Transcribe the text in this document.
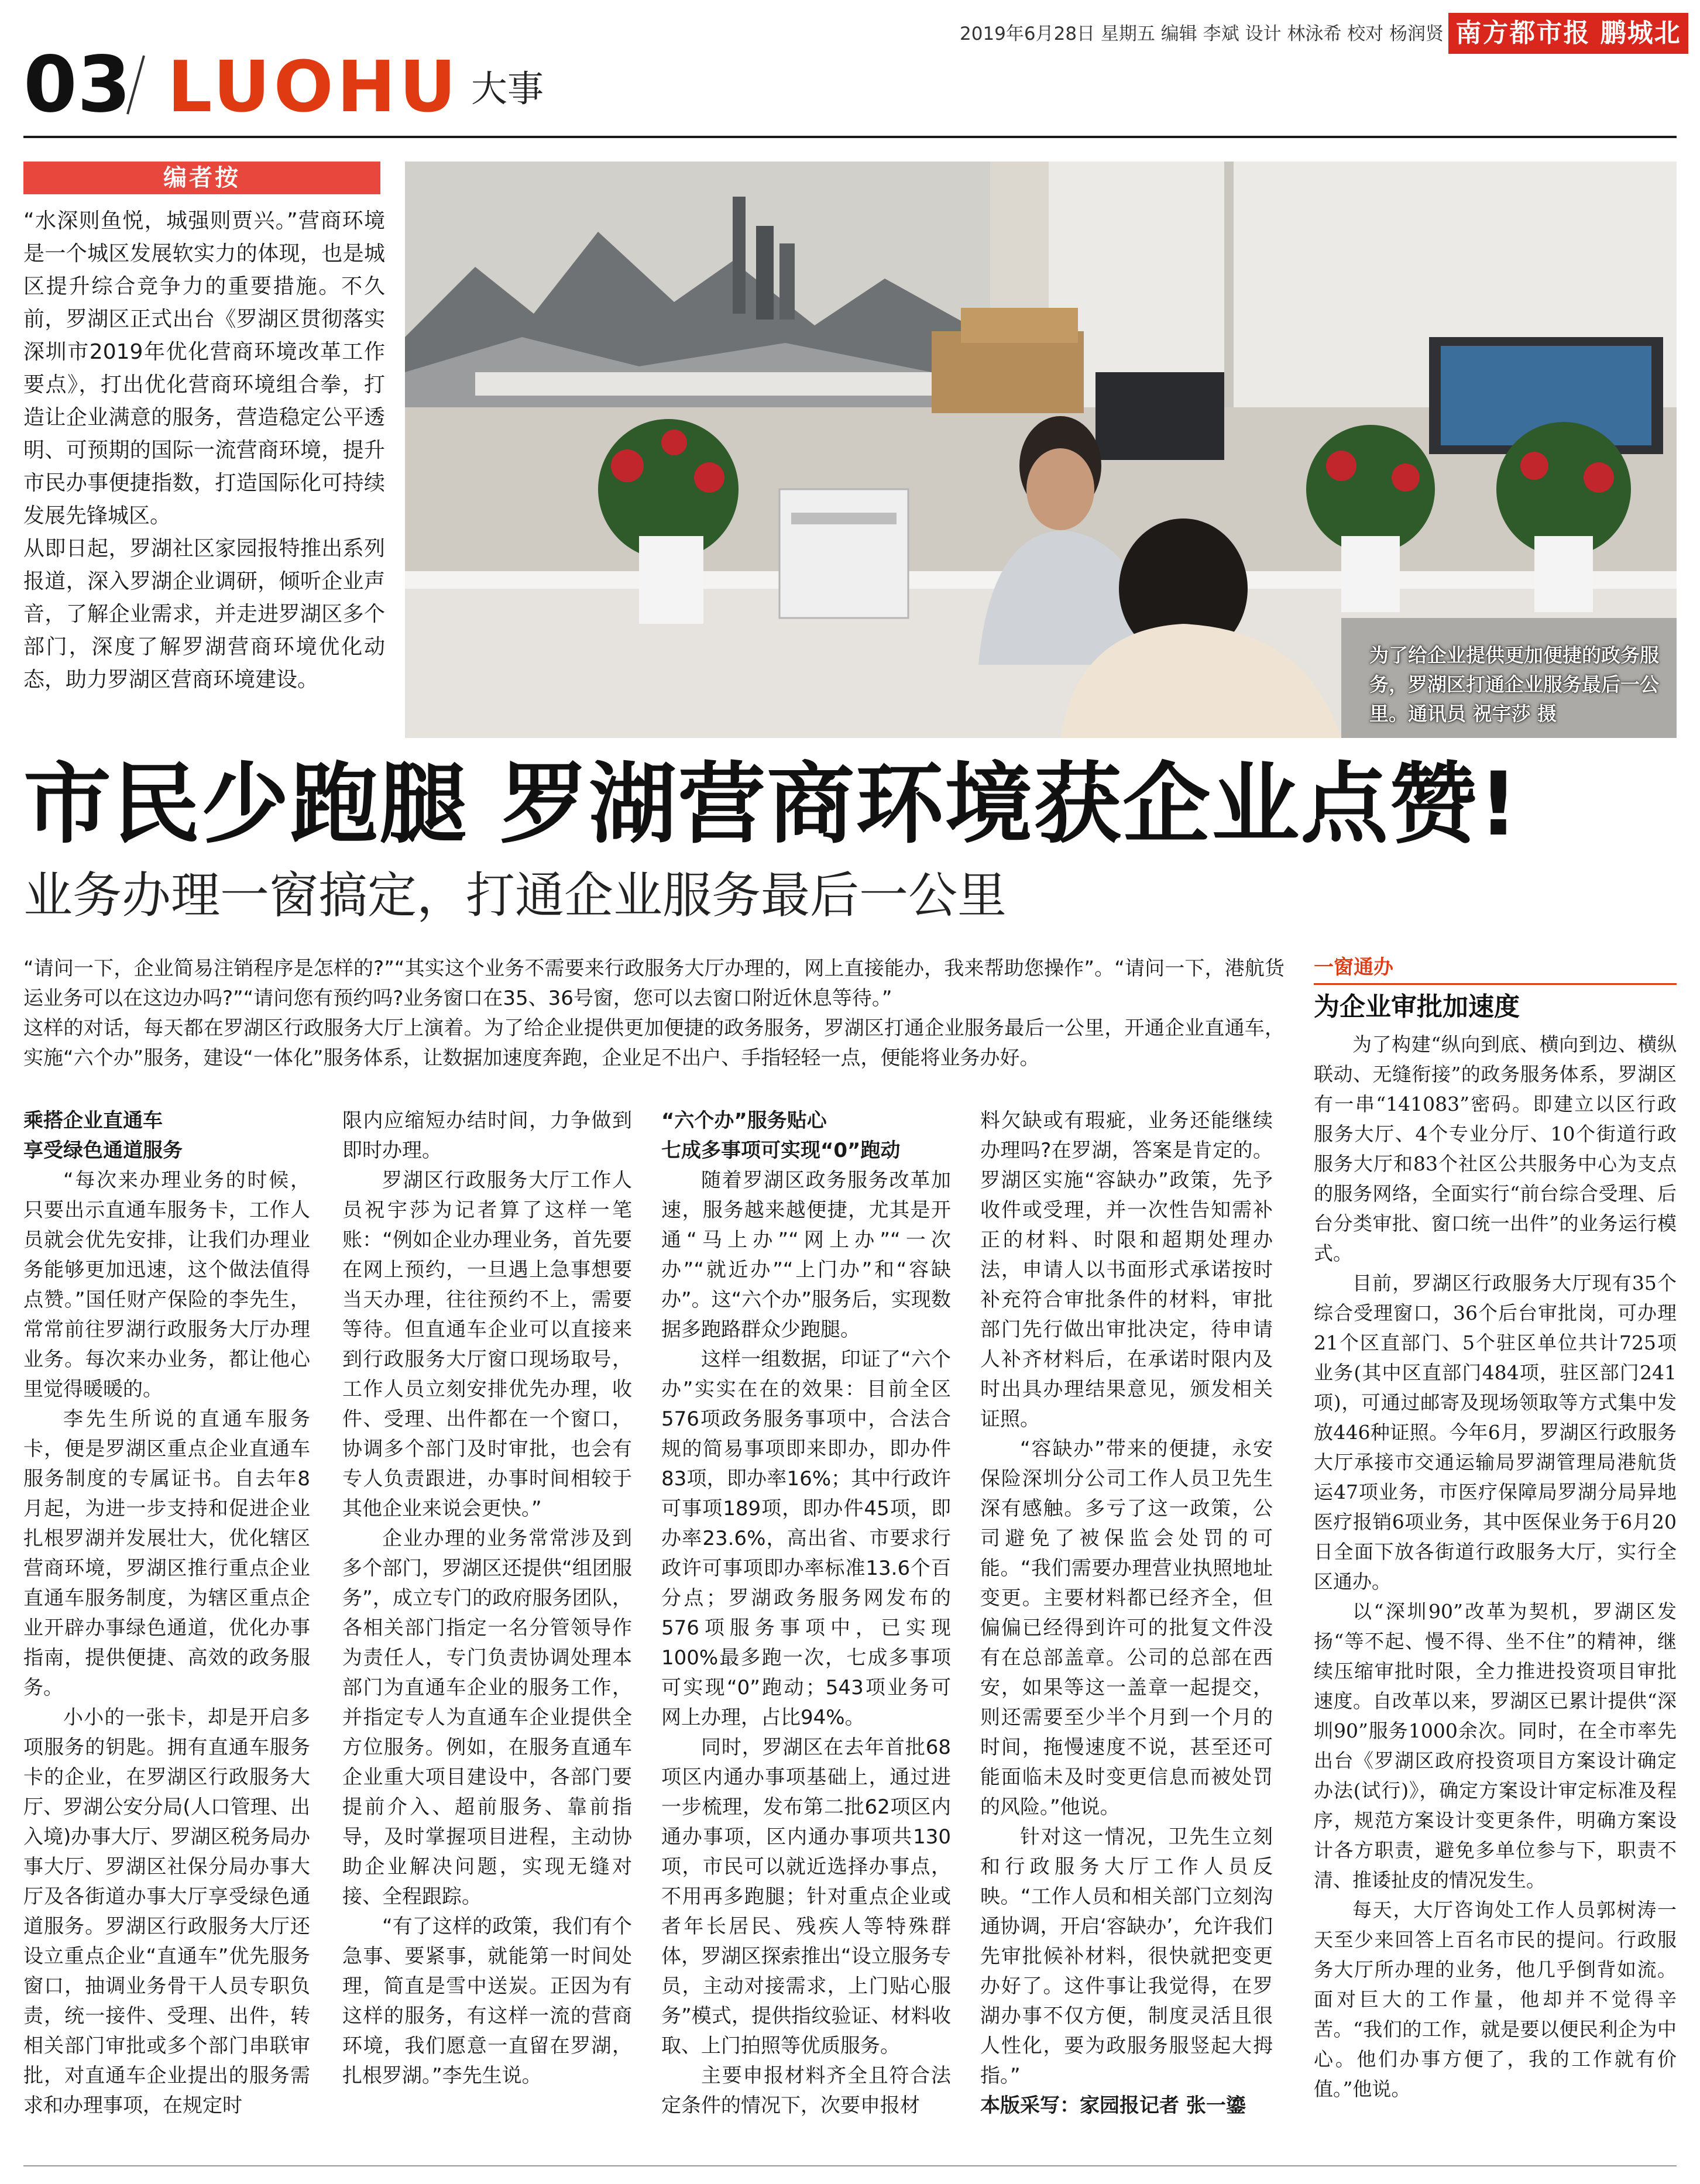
2019年6月28日 星期五 编辑 李斌 设计 林泳希 校对 杨润贤 南方都市报 鹏城北通
03 LUOHU 大事
编者按

“水深则鱼悦，城强则贾兴。”营商环境是一个城区发展软实力的体现，也是城区提升综合竞争力的重要措施。不久前，罗湖区正式出台《罗湖区贯彻落实深圳市2019年优化营商环境改革工作要点》，打出优化营商环境组合拳，打造让企业满意的服务，营造稳定公平透明、可预期的国际一流营商环境，提升市民办事便捷指数，打造国际化可持续发展先锋城区。

从即日起，罗湖社区家园报特推出系列报道，深入罗湖企业调研，倾听企业声音，了解企业需求，并走进罗湖区多个部门，深度了解罗湖营商环境优化动态，助力罗湖区营商环境建设。

为了给企业提供更加便捷的政务服务，罗湖区打通企业服务最后一公里。通讯员 祝宇莎 摄
市民少跑腿 罗湖营商环境获企业点赞!
业务办理一窗搞定，打通企业服务最后一公里

“请问一下，企业简易注销程序是怎样的?”“其实这个业务不需要来行政服务大厅办理的，网上直接能办，我来帮助您操作”。“请问一下，港航货运业务可以在这边办吗?”“请问您有预约吗?业务窗口在35、36号窗，您可以去窗口附近休息等待。”

这样的对话，每天都在罗湖区行政服务大厅上演着。为了给企业提供更加便捷的政务服务，罗湖区打通企业服务最后一公里，开通企业直通车，实施“六个办”服务，建设“一体化”服务体系，让数据加速度奔跑，企业足不出户、手指轻轻一点，便能将业务办好。

乘搭企业直通车
享受绿色通道服务

“每次来办理业务的时候，只要出示直通车服务卡，工作人员就会优先安排，让我们办理业务能够更加迅速，这个做法值得点赞。”国任财产保险的李先生，常常前往罗湖行政服务大厅办理业务。每次来办业务，都让他心里觉得暖暖的。

李先生所说的直通车服务卡，便是罗湖区重点企业直通车服务制度的专属证书。自去年8月起，为进一步支持和促进企业扎根罗湖并发展壮大，优化辖区营商环境，罗湖区推行重点企业直通车服务制度，为辖区重点企业开辟办事绿色通道，优化办事指南，提供便捷、高效的政务服务。

小小的一张卡，却是开启多项服务的钥匙。拥有直通车服务卡的企业，在罗湖区行政服务大厅、罗湖公安分局(人口管理、出入境)办事大厅、罗湖区税务局办事大厅、罗湖区社保分局办事大厅及各街道办事大厅享受绿色通道服务。罗湖区行政服务大厅还设立重点企业“直通车”优先服务窗口，抽调业务骨干人员专职负责，统一接件、受理、出件，转相关部门审批或多个部门串联审批，对直通车企业提出的服务需求和办理事项，在规定时

限内应缩短办结时间，力争做到即时办理。

罗湖区行政服务大厅工作人员祝宇莎为记者算了这样一笔账：“例如企业办理业务，首先要在网上预约，一旦遇上急事想要当天办理，往往预约不上，需要等待。但直通车企业可以直接来到行政服务大厅窗口现场取号，工作人员立刻安排优先办理，收件、受理、出件都在一个窗口，协调多个部门及时审批，也会有专人负责跟进，办事时间相较于其他企业来说会更快。”

企业办理的业务常常涉及到多个部门，罗湖区还提供“组团服务”，成立专门的政府服务团队，各相关部门指定一名分管领导作为责任人，专门负责协调处理本部门为直通车企业的服务工作，并指定专人为直通车企业提供全方位服务。例如，在服务直通车企业重大项目建设中，各部门要提前介入、超前服务、靠前指导，及时掌握项目进程，主动协助企业解决问题，实现无缝对接、全程跟踪。

“有了这样的政策，我们有个急事、要紧事，就能第一时间处理，简直是雪中送炭。正因为有这样的服务，有这样一流的营商环境，我们愿意一直留在罗湖，扎根罗湖。”李先生说。

“六个办”服务贴心
七成多事项可实现“0”跑动

随着罗湖区政务服务改革加速，服务越来越便捷，尤其是开通“马上办”“网上办”“一次办”“就近办”“上门办”和“容缺办”。这“六个办”服务后，实现数据多跑路群众少跑腿。

这样一组数据，印证了“六个办”实实在在的效果：目前全区576项政务服务事项中，合法合规的简易事项即来即办，即办件83项，即办率16%；其中行政许可事项189项，即办件45项，即办率23.6%，高出省、市要求行政许可事项即办率标准13.6个百分点；罗湖政务服务网发布的576项服务事项中，已实现100%最多跑一次，七成多事项可实现“0”跑动；543项业务可网上办理，占比94%。

同时，罗湖区在去年首批68项区内通办事项基础上，通过进一步梳理，发布第二批62项区内通办事项，区内通办事项共130项，市民可以就近选择办事点，不用再多跑腿；针对重点企业或者年长居民、残疾人等特殊群体，罗湖区探索推出“设立服务专员，主动对接需求，上门贴心服务”模式，提供指纹验证、材料收取、上门拍照等优质服务。

主要申报材料齐全且符合法定条件的情况下，次要申报材

料欠缺或有瑕疵，业务还能继续办理吗?在罗湖，答案是肯定的。罗湖区实施“容缺办”政策，先予收件或受理，并一次性告知需补正的材料、时限和超期处理办法，申请人以书面形式承诺按时补充符合审批条件的材料，审批部门先行做出审批决定，待申请人补齐材料后，在承诺时限内及时出具办理结果意见，颁发相关证照。

“容缺办”带来的便捷，永安保险深圳分公司工作人员卫先生深有感触。多亏了这一政策，公司避免了被保监会处罚的可能。“我们需要办理营业执照地址变更。主要材料都已经齐全，但偏偏已经得到许可的批复文件没有在总部盖章。公司的总部在西安，如果等这一盖章一起提交，则还需要至少半个月到一个月的时间，拖慢速度不说，甚至还可能面临未及时变更信息而被处罚的风险。”他说。

针对这一情况，卫先生立刻和行政服务大厅工作人员反映。“工作人员和相关部门立刻沟通协调，开启‘容缺办’，允许我们先审批候补材料，很快就把变更办好了。这件事让我觉得，在罗湖办事不仅方便，制度灵活且很人性化，要为政服务服竖起大拇指。”

本版采写：家园报记者 张一鎏

一窗通办
为企业审批加速度

为了构建“纵向到底、横向到边、横纵联动、无缝衔接”的政务服务体系，罗湖区有一串“141083”密码。即建立以区行政服务大厅、4个专业分厅、10个街道行政服务大厅和83个社区公共服务中心为支点的服务网络，全面实行“前台综合受理、后台分类审批、窗口统一出件”的业务运行模式。

目前，罗湖区行政服务大厅现有35个综合受理窗口，36个后台审批岗，可办理21个区直部门、5个驻区单位共计725项业务(其中区直部门484项，驻区部门241项)，可通过邮寄及现场领取等方式集中发放446种证照。今年6月，罗湖区行政服务大厅承接市交通运输局罗湖管理局港航货运47项业务，市医疗保障局罗湖分局异地医疗报销6项业务，其中医保业务于6月20日全面下放各街道行政服务大厅，实行全区通办。

以“深圳90”改革为契机，罗湖区发扬“等不起、慢不得、坐不住”的精神，继续压缩审批时限，全力推进投资项目审批速度。自改革以来，罗湖区已累计提供“深圳90”服务1000余次。同时，在全市率先出台《罗湖区政府投资项目方案设计确定办法(试行)》，确定方案设计审定标准及程序，规范方案设计变更条件，明确方案设计各方职责，避免多单位参与下，职责不清、推诿扯皮的情况发生。

每天，大厅咨询处工作人员郭树涛一天至少来回答上百名市民的提问。行政服务大厅所办理的业务，他几乎倒背如流。面对巨大的工作量，他却并不觉得辛苦。“我们的工作，就是要以便民利企为中心。他们办事方便了，我的工作就有价值。”他说。
